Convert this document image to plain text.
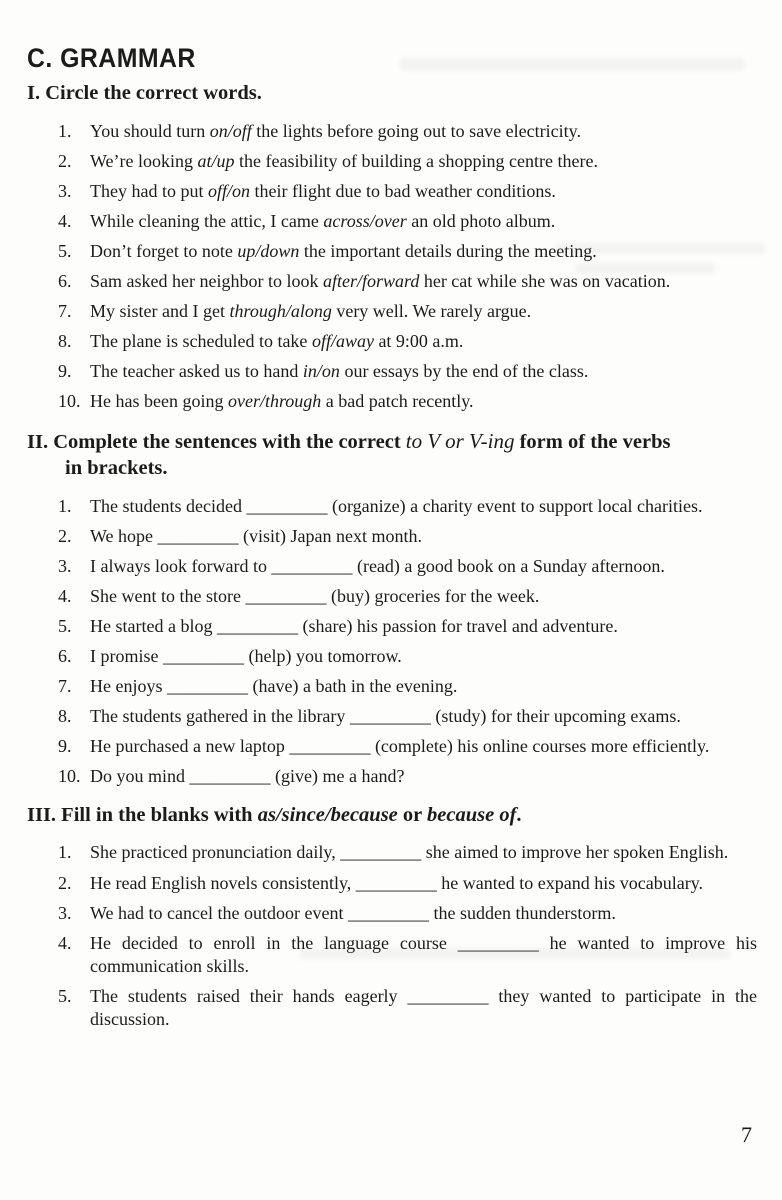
C. GRAMMAR
I. Circle the correct words.
1.	You should turn on/off the lights before going out to save electricity.
2.	We’re looking at/up the feasibility of building a shopping centre there.
3.	They had to put off/on their flight due to bad weather conditions.
4.	While cleaning the attic, I came across/over an old photo album.
5.	Don’t forget to note up/down the important details during the meeting.
6.	Sam asked her neighbor to look after/forward her cat while she was on vacation.
7.	My sister and I get through/along very well. We rarely argue.
8.	The plane is scheduled to take off/away at 9:00 a.m.
9.	The teacher asked us to hand in/on our essays by the end of the class.
10. He has been going over/through a bad patch recently.
II. Complete the sentences with the correct to V or V-ing form of the verbs
in brackets.
1.	The students decided _________ (organize) a charity event to support local charities.
2.	We hope _________ (visit) Japan next month.
3.	I always look forward to _________ (read) a good book on a Sunday afternoon.
4.	She went to the store _________ (buy) groceries for the week.
5.	He started a blog _________ (share) his passion for travel and adventure.
6.	I promise _________ (help) you tomorrow.
7.	He enjoys _________ (have) a bath in the evening.
8.	The students gathered in the library _________ (study) for their upcoming exams.
9.	He purchased a new laptop _________ (complete) his online courses more efficiently.
10. Do you mind _________ (give) me a hand?
III. Fill in the blanks with as/since/because or because of.
1.	She practiced pronunciation daily, _________ she aimed to improve her spoken English.
2.	He read English novels consistently, _________ he wanted to expand his vocabulary.
3.	We had to cancel the outdoor event _________ the sudden thunderstorm.
4.	He decided to enroll in the language course _________ he wanted to improve his communication skills.
5.	The students raised their hands eagerly _________ they wanted to participate in the discussion.
7
